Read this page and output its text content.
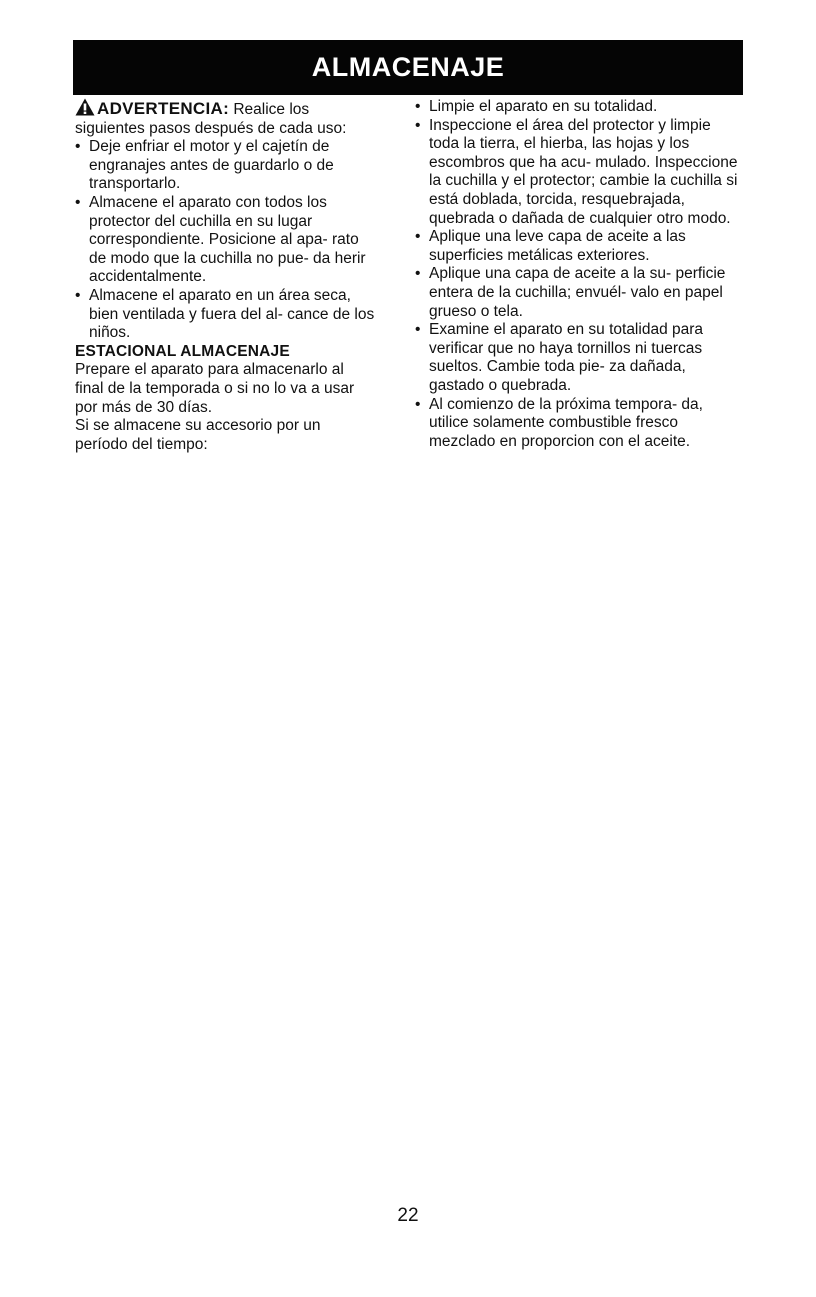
ALMACENAJE
ADVERTENCIA: Realice los

siguientes pasos después de cada uso:

• Deje enfriar el motor y el cajetín de engranajes antes de guardarlo o de transportarlo.
• Almacene el aparato con todos los protector del cuchilla en su lugar correspondiente. Posicione al apa- rato de modo que la cuchilla no pue- da herir accidentalmente.
• Almacene el aparato en un área seca, bien ventilada y fuera del al- cance de los niños.

ESTACIONAL ALMACENAJE

Prepare el aparato para almacenarlo al final de la temporada o si no lo va a usar por más de 30 días.

Si se almacene su accesorio por un período del tiempo:

• Limpie el aparato en su totalidad.
• Inspeccione el área del protector y limpie toda la tierra, el hierba, las hojas y los escombros que ha acu- mulado. Inspeccione la cuchilla y el protector; cambie la cuchilla si está doblada, torcida, resquebrajada, quebrada o dañada de cualquier otro modo.
• Aplique una leve capa de aceite a las superficies metálicas exteriores.
• Aplique una capa de aceite a la su- perficie entera de la cuchilla; envuél- valo en papel grueso o tela.
• Examine el aparato en su totalidad para verificar que no haya tornillos ni tuercas sueltos. Cambie toda pie- za dañada, gastado o quebrada.
• Al comienzo de la próxima tempora- da, utilice solamente combustible fresco mezclado en proporcion con el aceite.
22
